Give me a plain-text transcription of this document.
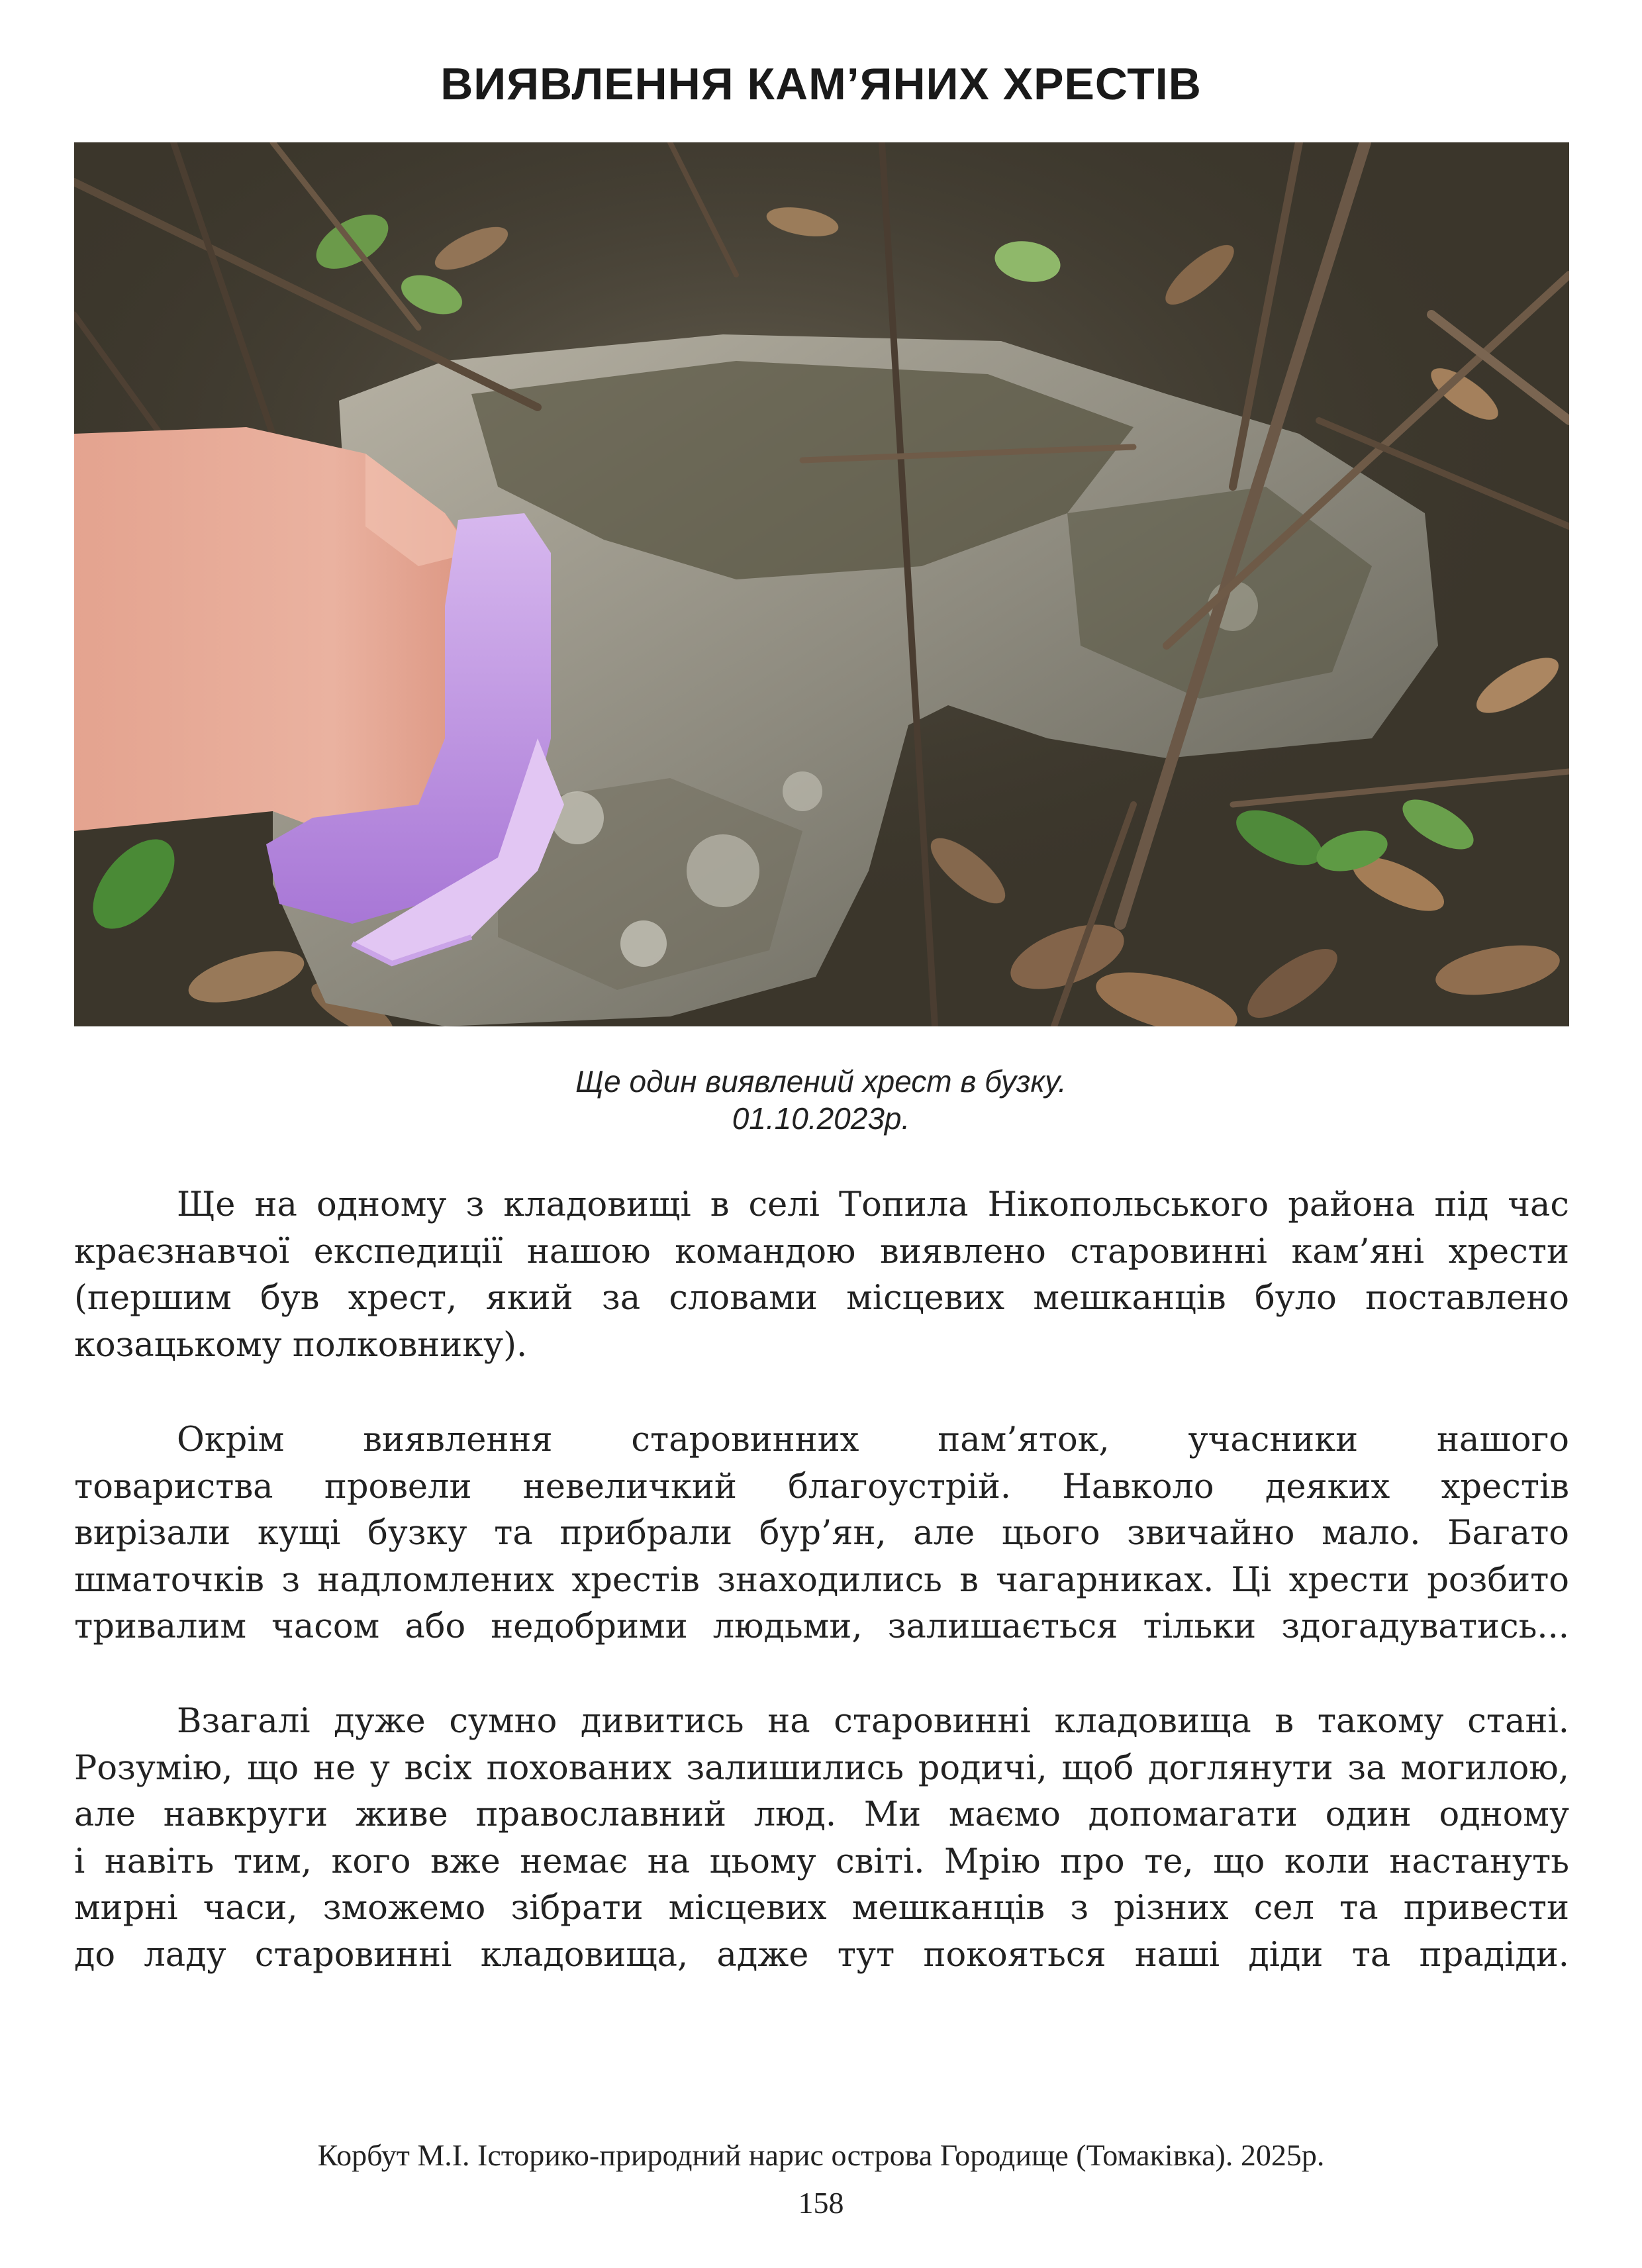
ВИЯВЛЕННЯ КАМ’ЯНИХ ХРЕСТІВ
Ще один виявлений хрест в бузку.
01.10.2023р.
Ще на одному з кладовищі в селі Топила Нікопольського района під час
краєзнавчої експедиції нашою командою виявлено старовинні кам’яні хрести
(першим був хрест, який за словами місцевих мешканців було поставлено
козацькому полковнику).
Окрім виявлення старовинних пам’яток, учасники нашого
товариства провели невеличкий благоустрій. Навколо деяких хрестів
вирізали кущі бузку та прибрали бур’ян, але цього звичайно мало. Багато
шматочків з надломлених хрестів знаходились в чагарниках. Ці хрести розбито
тривалим часом або недобрими людьми, залишається тільки здогадуватись...
Взагалі дуже сумно дивитись на старовинні кладовища в такому стані.
Розумію, що не у всіх похованих залишились родичі, щоб доглянути за могилою,
але навкруги живе православний люд. Ми маємо допомагати один одному
і навіть тим, кого вже немає на цьому світі. Мрію про те, що коли настануть
мирні часи, зможемо зібрати місцевих мешканців з різних сел та привести
до ладу старовинні кладовища, адже тут покояться наші діди та прадіди.
Корбут М.І. Історико-природний нарис острова Городище (Томаківка). 2025р.
158
